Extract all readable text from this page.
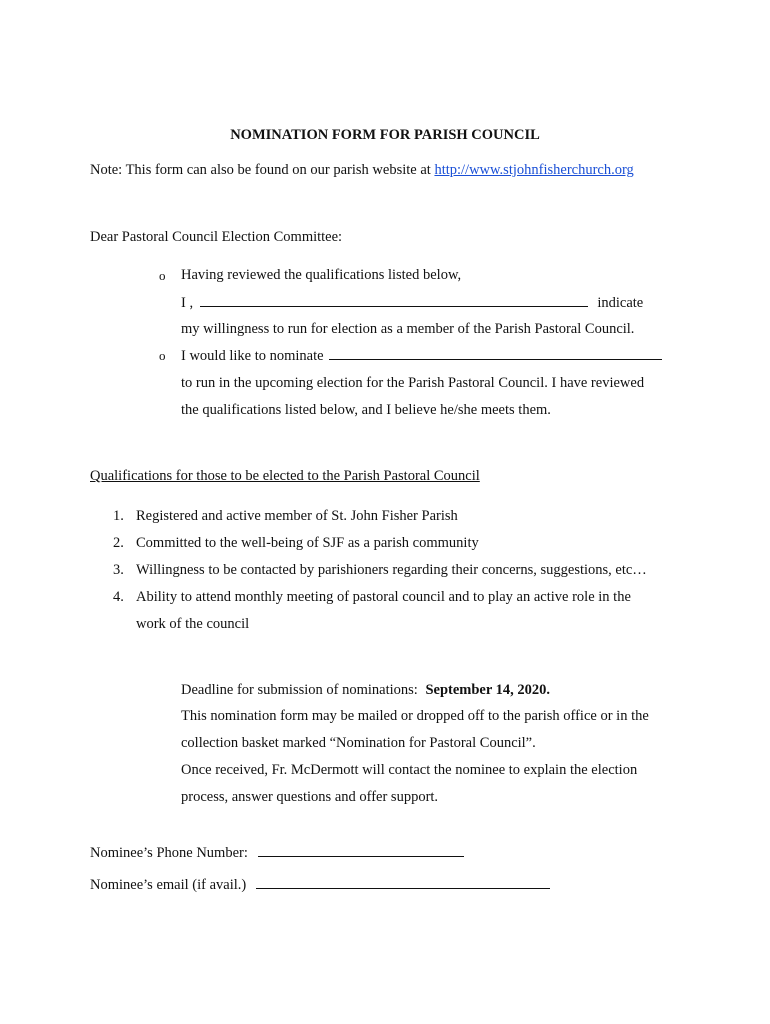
NOMINATION FORM FOR PARISH COUNCIL
Note: This form can also be found on our parish website at http://www.stjohnfisherchurch.org
Dear Pastoral Council Election Committee:
o Having reviewed the qualifications listed below,
I ,	indicate
my willingness to run for election as a member of the Parish Pastoral Council.
o I would like to nominate
to run in the upcoming election for the Parish Pastoral Council. I have reviewed
the qualifications listed below, and I believe he/she meets them.
Qualifications for those to be elected to the Parish Pastoral Council
1. Registered and active member of St. John Fisher Parish
2. Committed to the well-being of SJF as a parish community
3. Willingness to be contacted by parishioners regarding their concerns, suggestions, etc…
4. Ability to attend monthly meeting of pastoral council and to play an active role in the
work of the council
Deadline for submission of nominations: September 14, 2020.
This nomination form may be mailed or dropped off to the parish office or in the
collection basket marked “Nomination for Pastoral Council”.
Once received, Fr. McDermott will contact the nominee to explain the election
process, answer questions and offer support.
Nominee’s Phone Number:
Nominee’s email (if avail.)
